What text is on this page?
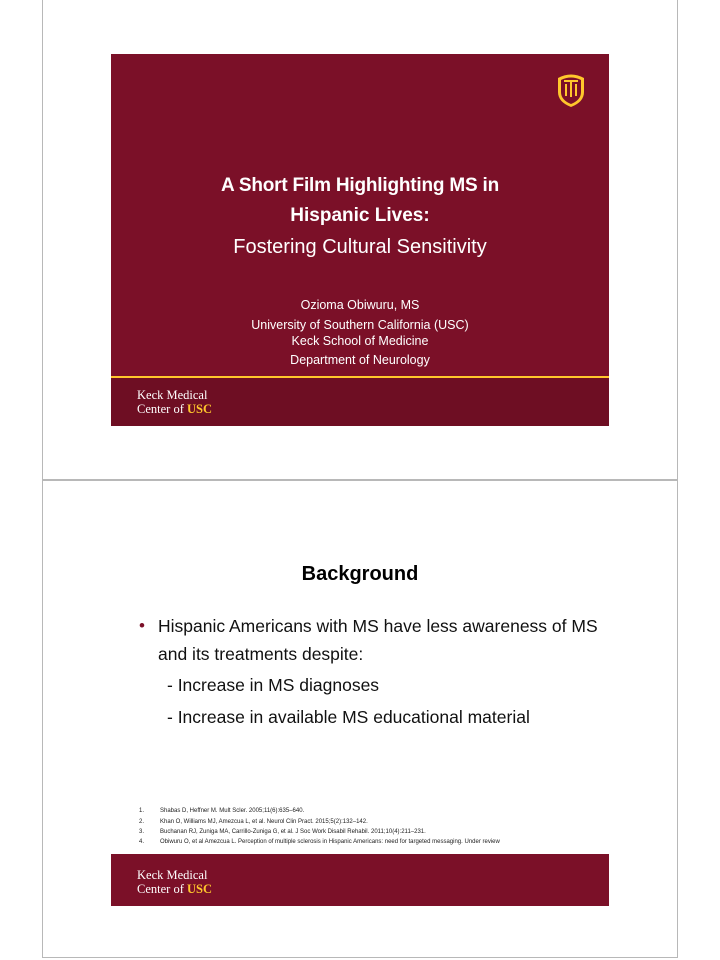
A Short Film Highlighting MS in
Hispanic Lives:
Fostering Cultural Sensitivity
Ozioma Obiwuru, MS
University of Southern California (USC)
Keck School of Medicine
Department of Neurology
Keck Medical
Center of USC
Background
• Hispanic Americans with MS have less awareness of MS and its treatments despite:
- Increase in MS diagnoses
- Increase in available MS educational material
1.	Shabas D, Heffner M. Mult Scler. 2005;11(6):635–640.
2.	Khan O, Williams MJ, Amezcua L, et al. Neurol Clin Pract. 2015;5(2):132–142.
3.	Buchanan RJ, Zuniga MA, Carrillo-Zuniga G, et al. J Soc Work Disabil Rehabil. 2011;10(4):211–231.
4.	Obiwuru O, et al Amezcua L. Perception of multiple sclerosis in Hispanic Americans: need for targeted messaging. Under review
Keck Medical
Center of USC
